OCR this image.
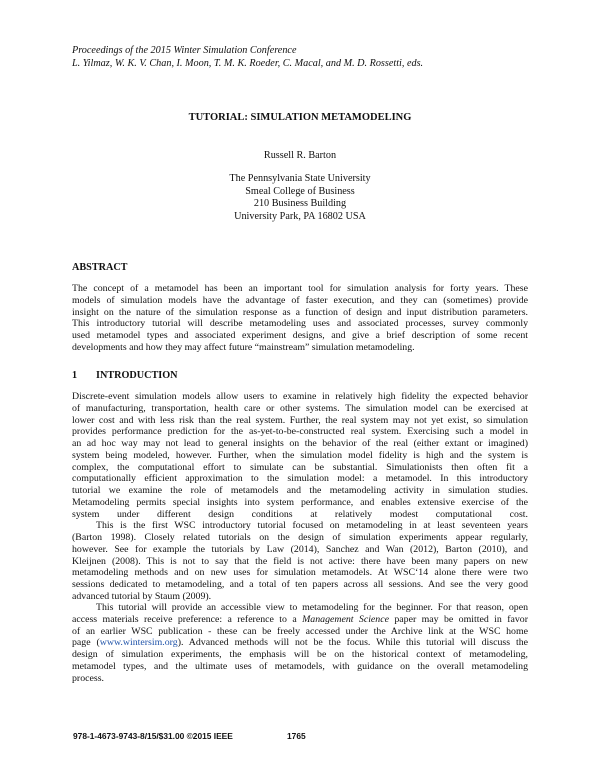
Proceedings of the 2015 Winter Simulation Conference
L. Yilmaz, W. K. V. Chan, I. Moon, T. M. K. Roeder, C. Macal, and M. D. Rossetti, eds.
TUTORIAL: SIMULATION METAMODELING
Russell R. Barton
The Pennsylvania State University
Smeal College of Business
210 Business Building
University Park, PA 16802 USA
ABSTRACT
The concept of a metamodel has been an important tool for simulation analysis for forty years. These
models of simulation models have the advantage of faster execution, and they can (sometimes) provide
insight on the nature of the simulation response as a function of design and input distribution parameters.
This introductory tutorial will describe metamodeling uses and associated processes, survey commonly
used metamodel types and associated experiment designs, and give a brief description of some recent
developments and how they may affect future “mainstream” simulation metamodeling.
1 INTRODUCTION
Discrete-event simulation models allow users to examine in relatively high fidelity the expected behavior
of manufacturing, transportation, health care or other systems. The simulation model can be exercised at
lower cost and with less risk than the real system. Further, the real system may not yet exist, so simulation
provides performance prediction for the as-yet-to-be-constructed real system. Exercising such a model in
an ad hoc way may not lead to general insights on the behavior of the real (either extant or imagined)
system being modeled, however. Further, when the simulation model fidelity is high and the system is
complex, the computational effort to simulate can be substantial. Simulationists then often fit a
computationally efficient approximation to the simulation model: a metamodel. In this introductory
tutorial we examine the role of metamodels and the metamodeling activity in simulation studies.
Metamodeling permits special insights into system performance, and enables extensive exercise of the
system under different design conditions at relatively modest computational cost.
This is the first WSC introductory tutorial focused on metamodeling in at least seventeen years
(Barton 1998). Closely related tutorials on the design of simulation experiments appear regularly,
however. See for example the tutorials by Law (2014), Sanchez and Wan (2012), Barton (2010), and
Kleijnen (2008). This is not to say that the field is not active: there have been many papers on new
metamodeling methods and on new uses for simulation metamodels. At WSC‘14 alone there were two
sessions dedicated to metamodeling, and a total of ten papers across all sessions. And see the very good
advanced tutorial by Staum (2009).
This tutorial will provide an accessible view to metamodeling for the beginner. For that reason, open
access materials receive preference: a reference to a Management Science paper may be omitted in favor
of an earlier WSC publication - these can be freely accessed under the Archive link at the WSC home
page (www.wintersim.org). Advanced methods will not be the focus. While this tutorial will discuss the
design of simulation experiments, the emphasis will be on the historical context of metamodeling,
metamodel types, and the ultimate uses of metamodels, with guidance on the overall metamodeling
process.
978-1-4673-9743-8/15/$31.00 ©2015 IEEE	1765
